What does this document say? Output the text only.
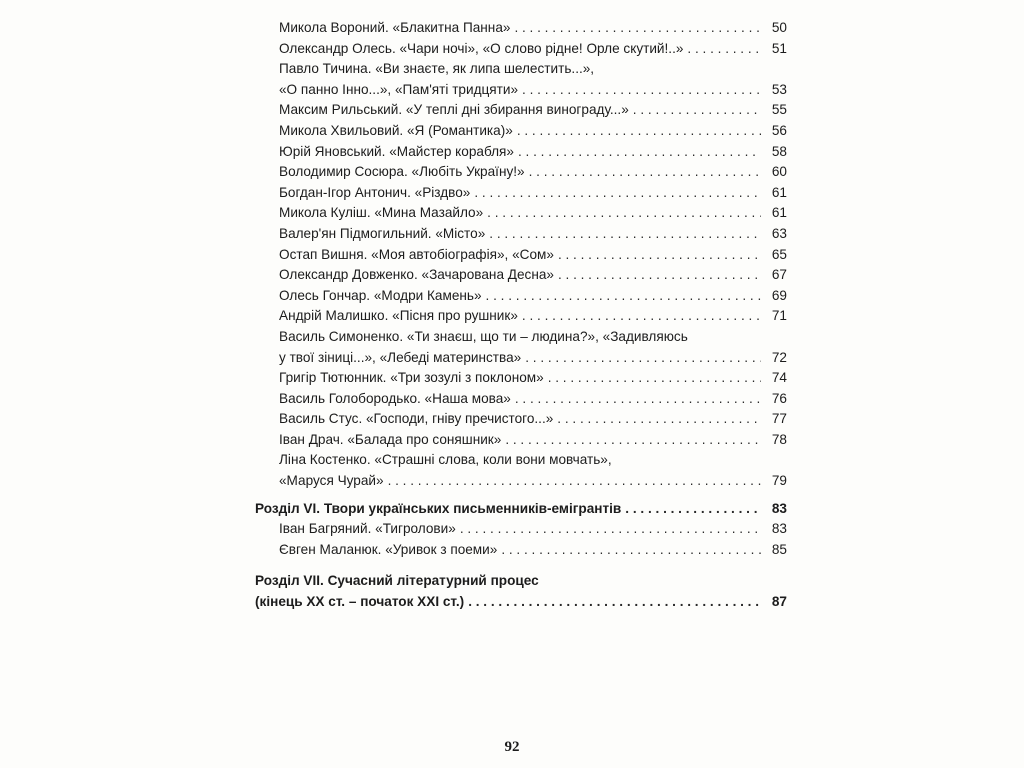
Микола Вороний. «Блакитна Панна» . . .	50
Олександр Олесь. «Чари ночі», «О слово рідне! Орле скутий!..» . . .	51
Павло Тичина. «Ви знаєте, як липа шелестить...»,
«О панно Інно...», «Пам'яті тридцяти» . . .	53
Максим Рильський. «У теплі дні збирання винограду...» . . .	55
Микола Хвильовий. «Я (Романтика)» . . .	56
Юрій Яновський. «Майстер корабля» . . .	58
Володимир Сосюра. «Любіть Україну!» . . .	60
Богдан-Ігор Антонич. «Різдво» . . .	61
Микола Куліш. «Мина Мазайло» . . .	61
Валер'ян Підмогильний. «Місто» . . .	63
Остап Вишня. «Моя автобіографія», «Сом» . . .	65
Олександр Довженко. «Зачарована Десна» . . .	67
Олесь Гончар. «Модри Камень» . . .	69
Андрій Малишко. «Пісня про рушник» . . .	71
Василь Симоненко. «Ти знаєш, що ти – людина?», «Задивляюсь
у твої зіниці...», «Лебеді материнства» . . .	72
Григір Тютюнник. «Три зозулі з поклоном» . . .	74
Василь Голобородько. «Наша мова» . . .	76
Василь Стус. «Господи, гніву пречистого...» . . .	77
Іван Драч. «Балада про соняшник» . . .	78
Ліна Костенко. «Страшні слова, коли вони мовчать»,
«Маруся Чурай» . . .	79
Розділ VI. Твори українських письменників-емігрантів . . .	83
Іван Багряний. «Тигролови» . . .	83
Євген Маланюк. «Уривок з поеми» . . .	85
Розділ VII. Сучасний літературний процес
(кінець XX ст. – початок XXI ст.) . . .	87
92
